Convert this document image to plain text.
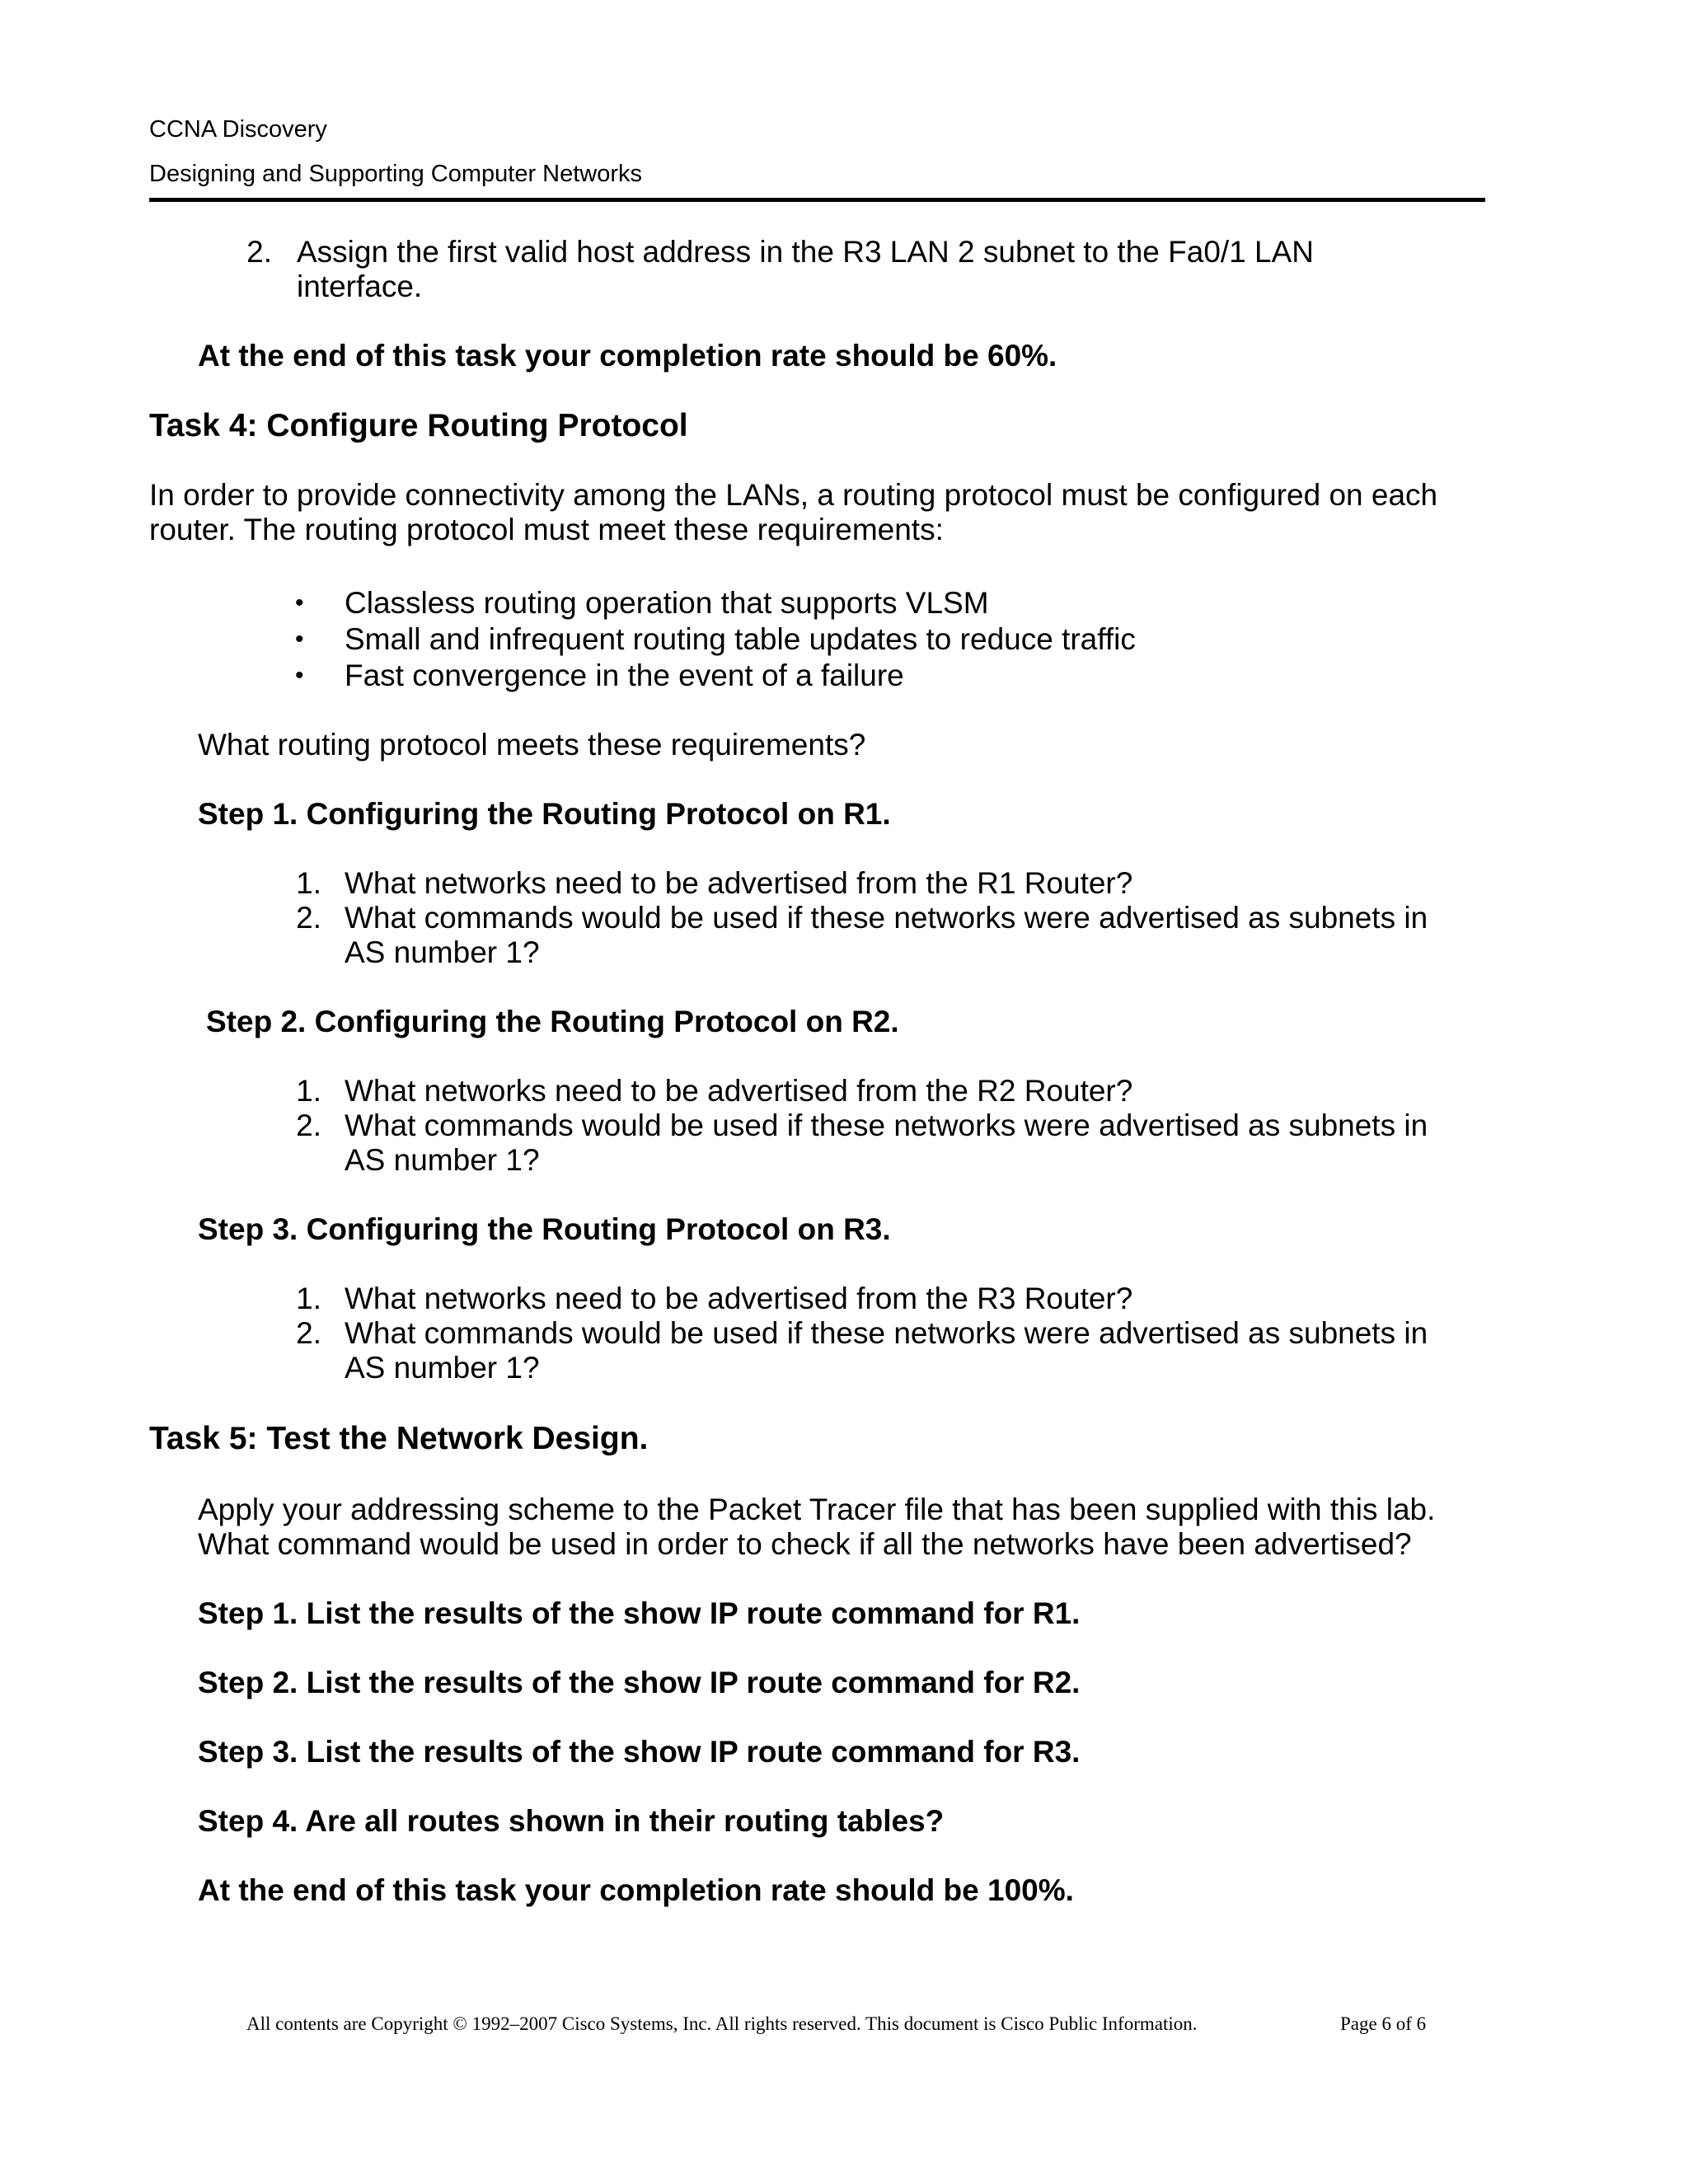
CCNA Discovery
Designing and Supporting Computer Networks
2. Assign the first valid host address in the R3 LAN 2 subnet to the Fa0/1 LAN
interface.
At the end of this task your completion rate should be 60%.
Task 4: Configure Routing Protocol
In order to provide connectivity among the LANs, a routing protocol must be configured on each
router. The routing protocol must meet these requirements:
• Classless routing operation that supports VLSM
• Small and infrequent routing table updates to reduce traffic
• Fast convergence in the event of a failure
What routing protocol meets these requirements?
Step 1. Configuring the Routing Protocol on R1.
1. What networks need to be advertised from the R1 Router?
2. What commands would be used if these networks were advertised as subnets in
AS number 1?
Step 2. Configuring the Routing Protocol on R2.
1. What networks need to be advertised from the R2 Router?
2. What commands would be used if these networks were advertised as subnets in
AS number 1?
Step 3. Configuring the Routing Protocol on R3.
1. What networks need to be advertised from the R3 Router?
2. What commands would be used if these networks were advertised as subnets in
AS number 1?
Task 5: Test the Network Design.
Apply your addressing scheme to the Packet Tracer file that has been supplied with this lab.
What command would be used in order to check if all the networks have been advertised?
Step 1. List the results of the show IP route command for R1.
Step 2. List the results of the show IP route command for R2.
Step 3. List the results of the show IP route command for R3.
Step 4. Are all routes shown in their routing tables?
At the end of this task your completion rate should be 100%.
All contents are Copyright © 1992–2007 Cisco Systems, Inc. All rights reserved. This document is Cisco Public Information.	Page 6 of 6
